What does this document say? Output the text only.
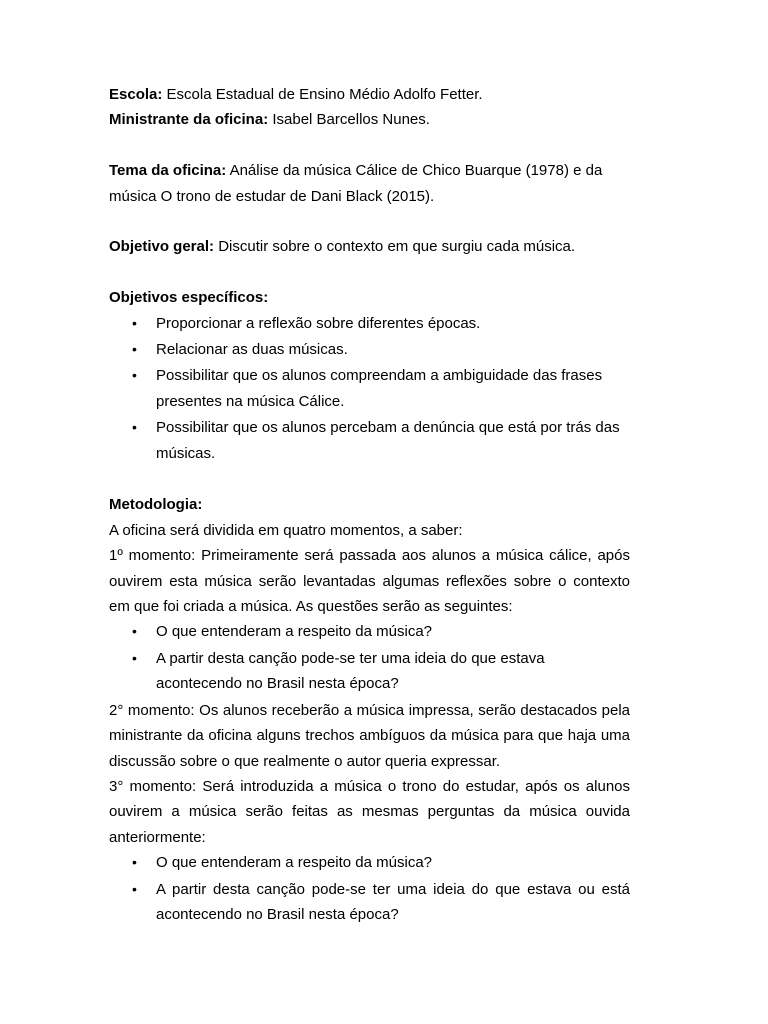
Escola: Escola Estadual de Ensino Médio Adolfo Fetter.

Ministrante da oficina: Isabel Barcellos Nunes.

Tema da oficina: Análise da música Cálice de Chico Buarque (1978) e da música O trono de estudar de Dani Black (2015).

Objetivo geral: Discutir sobre o contexto em que surgiu cada música.

Objetivos específicos:

• Proporcionar a reflexão sobre diferentes épocas.
• Relacionar as duas músicas.
• Possibilitar que os alunos compreendam a ambiguidade das frases presentes na música Cálice.
• Possibilitar que os alunos percebam a denúncia que está por trás das músicas.

Metodologia:

A oficina será dividida em quatro momentos, a saber:

1º momento: Primeiramente será passada aos alunos a música cálice, após ouvirem esta música serão levantadas algumas reflexões sobre o contexto em que foi criada a música. As questões serão as seguintes:

• O que entenderam a respeito da música?
• A partir desta canção pode-se ter uma ideia do que estava acontecendo no Brasil nesta época?

2° momento: Os alunos receberão a música impressa, serão destacados pela ministrante da oficina alguns trechos ambíguos da música para que haja uma discussão sobre o que realmente o autor queria expressar.

3° momento: Será introduzida a música o trono do estudar, após os alunos ouvirem a música serão feitas as mesmas perguntas da música ouvida anteriormente:

• O que entenderam a respeito da música?
• A partir desta canção pode-se ter uma ideia do que estava ou está acontecendo no Brasil nesta época?
